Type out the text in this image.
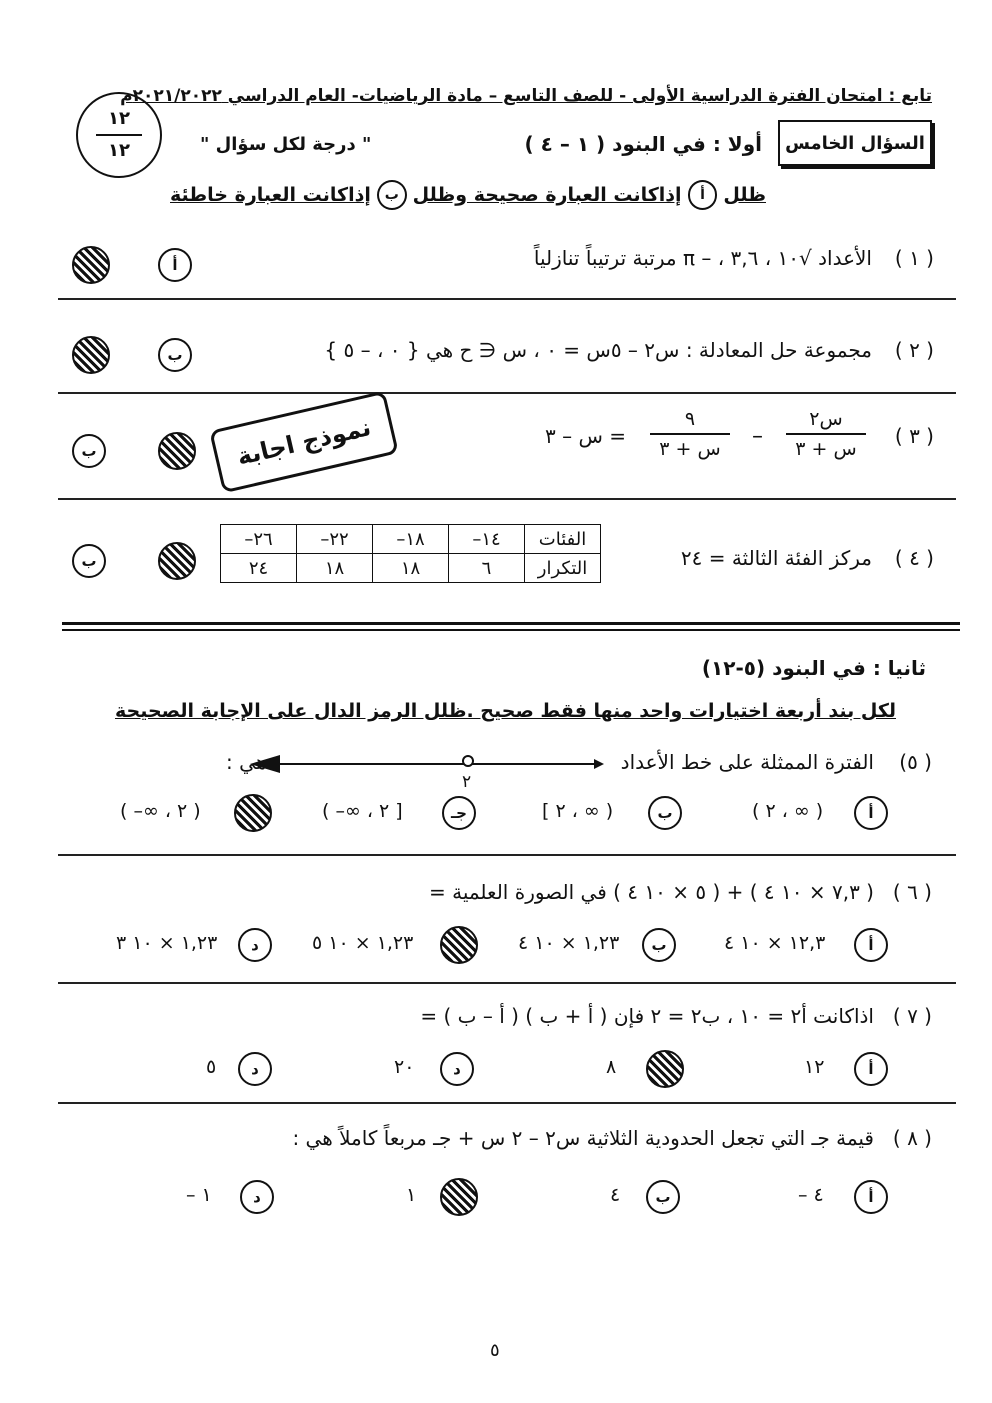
تابع : امتحان الفترة الدراسية الأولى - للصف التاسع – مادة الرياضيات- العام الدراسي ٢٠٢١/٢٠٢٢م
١٢
١٢	السؤال الخامس
أولا : في البنود ( ١ – ٤ )
" درجة لكل سؤال "
ظلل
أ
إذاكانت العبارة صحيحة وظلل
ب
إذاكانت العبارة خاطئة
( ١ )
الأعداد √١٠ ، ٣,٦ ، – π مرتبة ترتيباً تنازلياً
أ
( ٢ )
مجموعة حل المعادلة : س٢ – ٥س = ٠ ، س ∈ ح هي { ٠ ، – ٥ }
ب
( ٣ )
س٢
س + ٣
–
٩
س + ٣
= س – ٣
نموذج اجابة
ب
( ٤ )
مركز الفئة الثالثة = ٢٤
الفئات	١٤–	١٨–	٢٢–	٢٦–
التكرار	٦	١٨	١٨	٢٤
ب
ثانيا : في البنود (٥-١٢)
لكل بند أربعة اختيارات واحد منها فقط صحيح .ظلل الرمز الدال على الإجابة الصحيحة
(٥ )
الفترة الممثلة على خط الأعداد
٢
هي :
أ
( ٢ ، ∞ )
ب
[ ٢ ، ∞ )
جـ
( –∞ ، ٢ ]
( –∞ ، ٢ )
( ٦ )
( ٧,٣ × ١٠ ٤ ) + ( ٥ × ١٠ ٤ ) في الصورة العلمية =
أ
١٢,٣ × ١٠ ٤
ب
١,٢٣ × ١٠ ٤
١,٢٣ × ١٠ ٥
د
١,٢٣ × ١٠ ٣
( ٧ )
اذاكانت أ٢ = ١٠ ، ب٢ = ٢ فإن ( أ + ب ) ( أ – ب ) =
أ
١٢
٨
د
٢٠
د
٥
( ٨ )
قيمة جـ التي تجعل الحدودية الثلاثية س٢ – ٢ س + جـ مربعاً كاملاً هي :
أ
– ٤
ب
٤
١
د
– ١
٥
